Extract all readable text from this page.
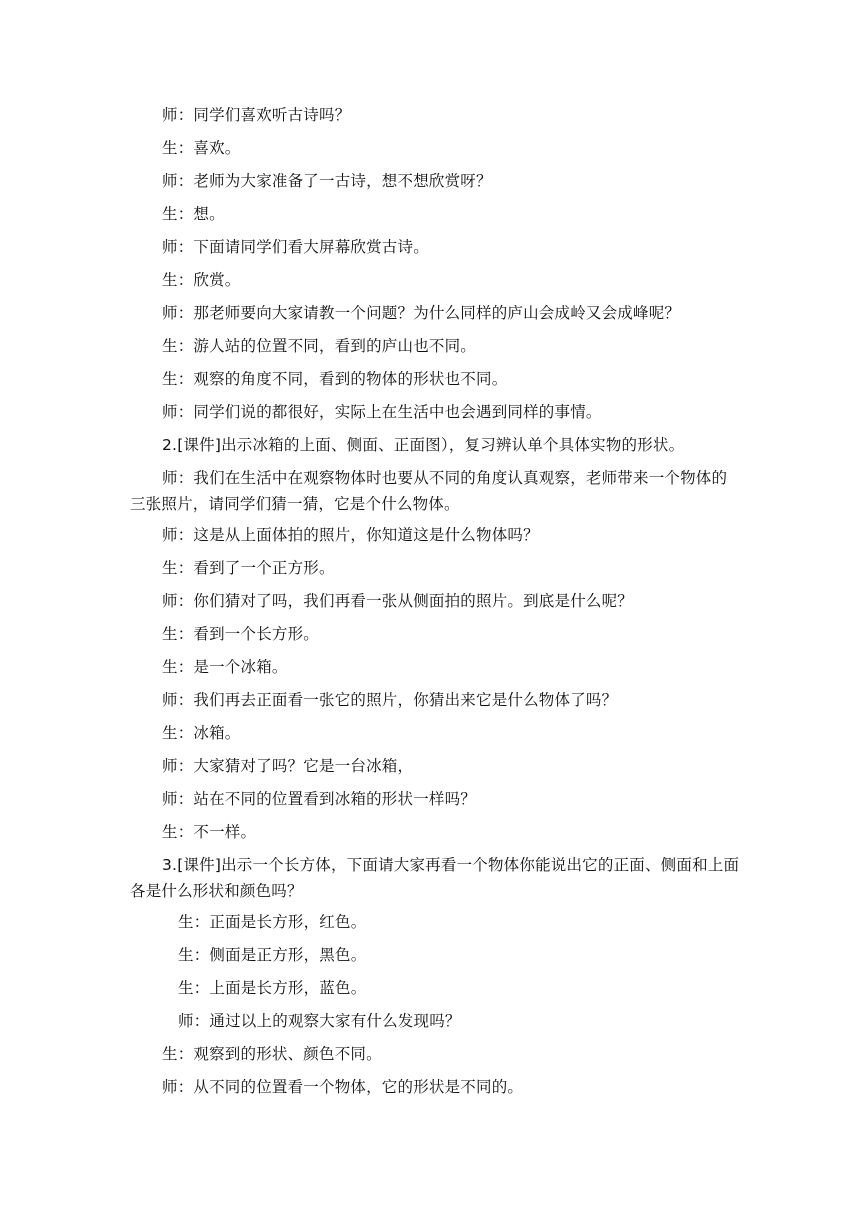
师：同学们喜欢听古诗吗？

生：喜欢。

师：老师为大家准备了一古诗，想不想欣赏呀？

生：想。

师：下面请同学们看大屏幕欣赏古诗。

生：欣赏。

师：那老师要向大家请教一个问题？为什么同样的庐山会成岭又会成峰呢？

生：游人站的位置不同，看到的庐山也不同。

生：观察的角度不同，看到的物体的形状也不同。

师：同学们说的都很好，实际上在生活中也会遇到同样的事情。

2.[课件]出示冰箱的上面、侧面、正面图），复习辨认单个具体实物的形状。

师：我们在生活中在观察物体时也要从不同的角度认真观察，老师带来一个物体的三张照片，请同学们猜一猜，它是个什么物体。

师：这是从上面体拍的照片，你知道这是什么物体吗？

生：看到了一个正方形。

师：你们猜对了吗，我们再看一张从侧面拍的照片。到底是什么呢？

生：看到一个长方形。

生：是一个冰箱。

师：我们再去正面看一张它的照片，你猜出来它是什么物体了吗？

生：冰箱。

师：大家猜对了吗？它是一台冰箱，

师：站在不同的位置看到冰箱的形状一样吗？

生：不一样。

3.[课件]出示一个长方体，下面请大家再看一个物体你能说出它的正面、侧面和上面各是什么形状和颜色吗？

生：正面是长方形，红色。

生：侧面是正方形，黑色。

生：上面是长方形，蓝色。

师：通过以上的观察大家有什么发现吗？

生：观察到的形状、颜色不同。

师：从不同的位置看一个物体，它的形状是不同的。
